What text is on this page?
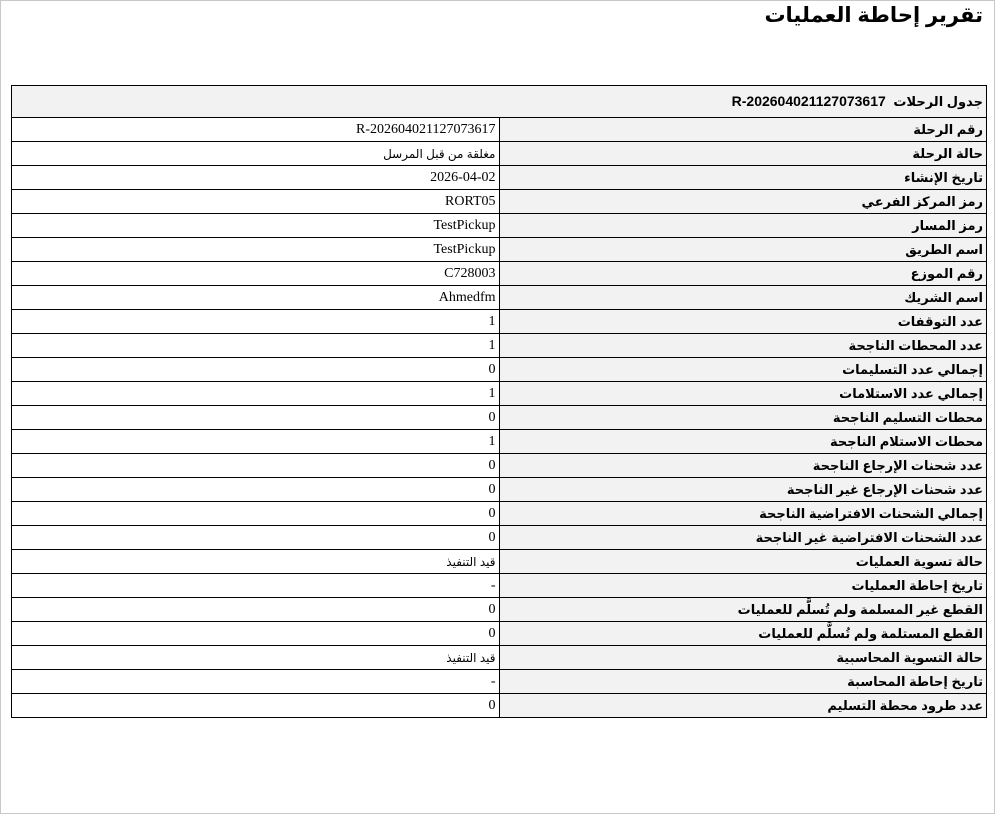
تقرير إحاطة العمليات
جدول الرحلات R-20260402112707361‎7	
رقم الرحلة	R-20260402112707361‎7
حالة الرحلة	مغلقة من قبل المرسل
تاريخ الإنشاء	2026-04-02
رمز المركز الفرعي	RORT05
رمز المسار	TestPickup
اسم الطريق	TestPickup
رقم الموزع	C728003
اسم الشريك	Ahmedfm
عدد التوقفات	1
عدد المحطات الناجحة	1
إجمالي عدد التسليمات	0
إجمالي عدد الاستلامات	1
محطات التسليم الناجحة	0
محطات الاستلام الناجحة	1
عدد شحنات الإرجاع الناجحة	0
عدد شحنات الإرجاع غير الناجحة	0
إجمالي الشحنات الافتراضية الناجحة	0
عدد الشحنات الافتراضية غير الناجحة	0
حالة تسوية العمليات	قيد التنفيذ
تاريخ إحاطة العمليات	-
القطع غير المسلمة ولم تُسلَّم للعمليات	0
القطع المستلمة ولم تُسلَّم للعمليات	0
حالة التسوية المحاسبية	قيد التنفيذ
تاريخ إحاطة المحاسبة	-
عدد طرود محطة التسليم	0
